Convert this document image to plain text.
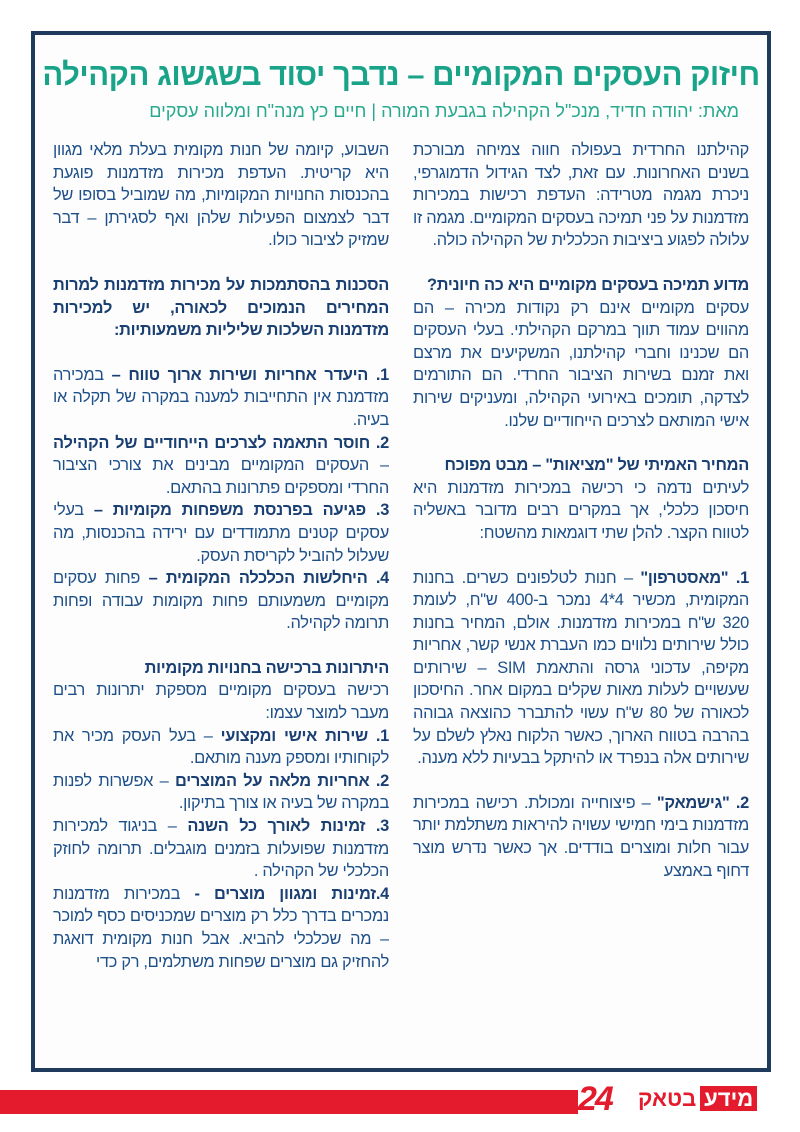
חיזוק העסקים המקומיים – נדבך יסוד בשגשוג הקהילה
מאת: יהודה חדיד, מנכ"ל הקהילה בגבעת המורה | חיים כץ מנה"ח ומלווה עסקים

קהילתנו החרדית בעפולה חווה צמיחה מבורכת בשנים האחרונות. עם זאת, לצד הגידול הדמוגרפי, ניכרת מגמה מטרידה: העדפת רכישות במכירות מזדמנות על פני תמיכה בעסקים המקומיים. מגמה זו עלולה לפגוע ביציבות הכלכלית של הקהילה כולה.

מדוע תמיכה בעסקים מקומיים היא כה חיונית?

עסקים מקומיים אינם רק נקודות מכירה – הם מהווים עמוד תווך במרקם הקהילתי. בעלי העסקים הם שכנינו וחברי קהילתנו, המשקיעים את מרצם ואת זמנם בשירות הציבור החרדי. הם התורמים לצדקה, תומכים באירועי הקהילה, ומעניקים שירות אישי המותאם לצרכים הייחודיים שלנו.

המחיר האמיתי של "מציאות" – מבט מפוכח

לעיתים נדמה כי רכישה במכירות מזדמנות היא חיסכון כלכלי, אך במקרים רבים מדובר באשליה לטווח הקצר. להלן שתי דוגמאות מהשטח:

1. "מאסטרפון" – חנות לטלפונים כשרים. בחנות המקומית, מכשיר 4*4 נמכר ב-400 ש"ח, לעומת 320 ש"ח במכירות מזדמנות. אולם, המחיר בחנות כולל שירותים נלווים כמו העברת אנשי קשר, אחריות מקיפה, עדכוני גרסה והתאמת SIM – שירותים שעשויים לעלות מאות שקלים במקום אחר. החיסכון לכאורה של 80 ש"ח עשוי להתברר כהוצאה גבוהה בהרבה בטווח הארוך, כאשר הלקוח נאלץ לשלם על שירותים אלה בנפרד או להיתקל בבעיות ללא מענה.

2. "גישמאק" – פיצוחייה ומכולת. רכישה במכירות מזדמנות בימי חמישי עשויה להיראות משתלמת יותר עבור חלות ומוצרים בודדים. אך כאשר נדרש מוצר דחוף באמצע

השבוע, קיומה של חנות מקומית בעלת מלאי מגוון היא קריטית. העדפת מכירות מזדמנות פוגעת בהכנסות החנויות המקומיות, מה שמוביל בסופו של דבר לצמצום הפעילות שלהן ואף לסגירתן – דבר שמזיק לציבור כולו.

הסכנות בהסתמכות על מכירות מזדמנות למרות המחירים הנמוכים לכאורה, יש למכירות מזדמנות השלכות שליליות משמעותיות:

1. היעדר אחריות ושירות ארוך טווח – במכירה מזדמנת אין התחייבות למענה במקרה של תקלה או בעיה.

2. חוסר התאמה לצרכים הייחודיים של הקהילה – העסקים המקומיים מבינים את צורכי הציבור החרדי ומספקים פתרונות בהתאם.

3. פגיעה בפרנסת משפחות מקומיות – בעלי עסקים קטנים מתמודדים עם ירידה בהכנסות, מה שעלול להוביל לקריסת העסק.

4. היחלשות הכלכלה המקומית – פחות עסקים מקומיים משמעותם פחות מקומות עבודה ופחות תרומה לקהילה.

היתרונות ברכישה בחנויות מקומיות

רכישה בעסקים מקומיים מספקת יתרונות רבים מעבר למוצר עצמו:

1. שירות אישי ומקצועי – בעל העסק מכיר את לקוחותיו ומספק מענה מותאם.

2. אחריות מלאה על המוצרים – אפשרות לפנות במקרה של בעיה או צורך בתיקון.

3. זמינות לאורך כל השנה – בניגוד למכירות מזדמנות שפועלות בזמנים מוגבלים. תרומה לחוזק הכלכלי של הקהילה .

4.זמינות ומגוון מוצרים - במכירות מזדמנות נמכרים בדרך כלל רק מוצרים שמכניסים כסף למוכר – מה שכלכלי להביא. אבל חנות מקומית דואגת להחזיק גם מוצרים שפחות משתלמים, רק כדי

24	מידעבטאק
